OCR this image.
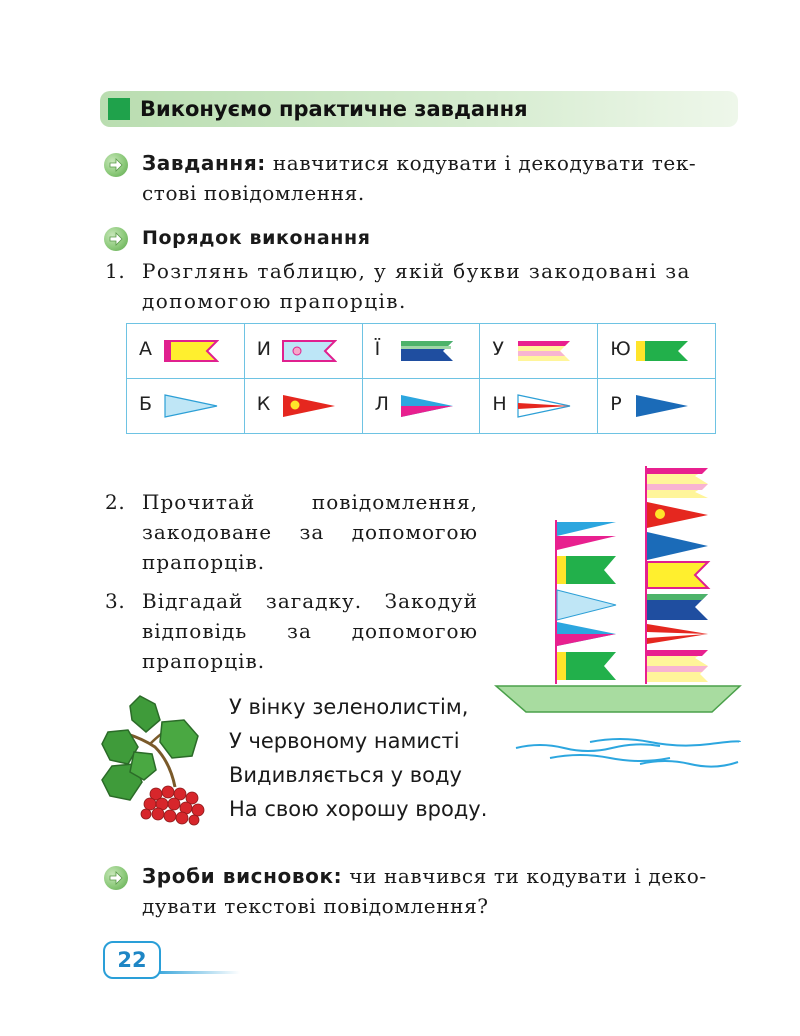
Виконуємо практичне завдання
Завдання: навчитися кодувати і декодувати тек-
стові повідомлення.
Порядок виконання
1. Розглянь таблицю, у якій букви закодовані за
допомогою прапорців.
А	И	Ї	У	Ю

Б	К	Л	Н	Р
2. Прочитай повідомлення,
закодоване за допомогою
прапорців.
3. Відгадай загадку. Закодуй
відповідь за допомогою
прапорців.
У вінку зеленолистім,
У червоному намисті
Видивляється у воду
На свою хорошу вроду.
Зроби висновок: чи навчився ти кодувати і деко-
дувати текстові повідомлення?
22
